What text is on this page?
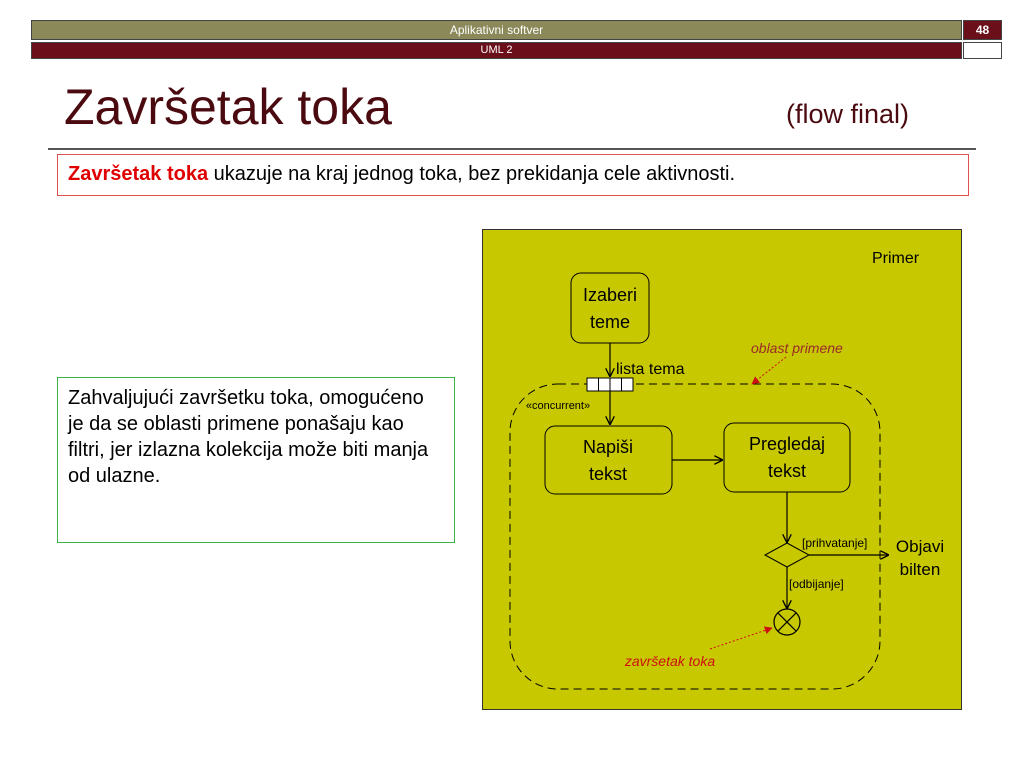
Aplikativni softver	48
UML 2
Završetak toka	(flow final)
Završetak toka ukazuje na kraj jednog toka, bez prekidanja cele aktivnosti.
Zahvaljujući završetku toka, omogućeno je da se oblasti primene ponašaju kao filtri, jer izlazna kolekcija može biti manja od ulazne.
Primer
Izaberi
teme
lista tema
«concurrent»
Napiši
tekst
Pregledaj
tekst
[prihvatanje] Objavi
bilten
[odbijanje]
oblast primene
završetak toka
